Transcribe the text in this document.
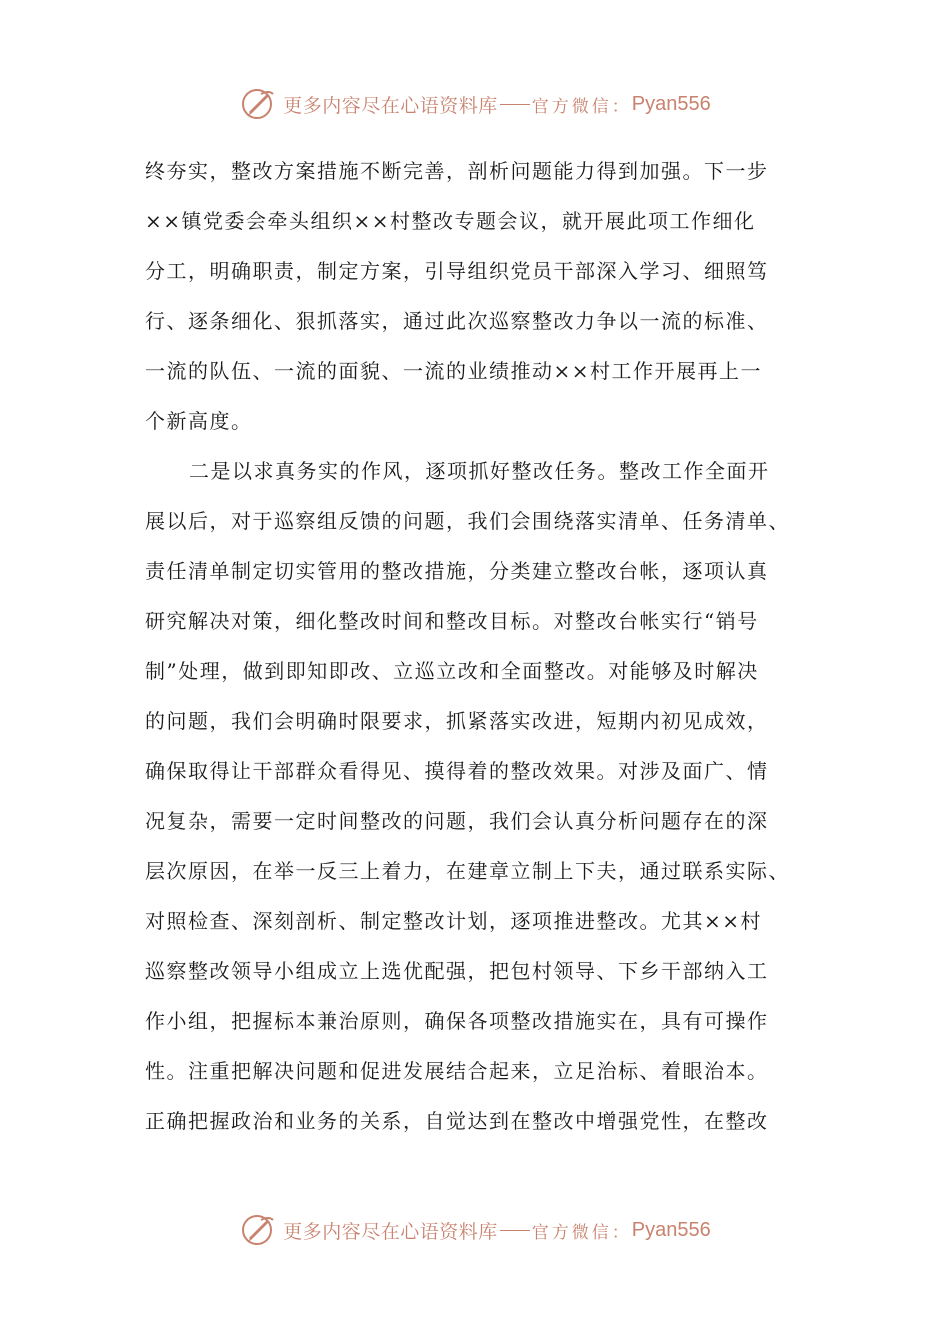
更多内容尽在心语资料库 官方微信： Pyan556
终夯实，整改方案措施不断完善，剖析问题能力得到加强。下一步
××镇党委会牵头组织××村整改专题会议，就开展此项工作细化
分工，明确职责，制定方案，引导组织党员干部深入学习、细照笃
行、逐条细化、狠抓落实，通过此次巡察整改力争以一流的标准、
一流的队伍、一流的面貌、一流的业绩推动××村工作开展再上一
个新高度。
二是以求真务实的作风，逐项抓好整改任务。整改工作全面开
展以后，对于巡察组反馈的问题，我们会围绕落实清单、任务清单、
责任清单制定切实管用的整改措施，分类建立整改台帐，逐项认真
研究解决对策，细化整改时间和整改目标。对整改台帐实行“销号
制”处理，做到即知即改、立巡立改和全面整改。对能够及时解决
的问题，我们会明确时限要求，抓紧落实改进，短期内初见成效，
确保取得让干部群众看得见、摸得着的整改效果。对涉及面广、情
况复杂，需要一定时间整改的问题，我们会认真分析问题存在的深
层次原因，在举一反三上着力，在建章立制上下夫，通过联系实际、
对照检查、深刻剖析、制定整改计划，逐项推进整改。尤其××村
巡察整改领导小组成立上选优配强，把包村领导、下乡干部纳入工
作小组，把握标本兼治原则，确保各项整改措施实在，具有可操作
性。注重把解决问题和促进发展结合起来，立足治标、着眼治本。
正确把握政治和业务的关系，自觉达到在整改中增强党性，在整改
更多内容尽在心语资料库 官方微信： Pyan556
